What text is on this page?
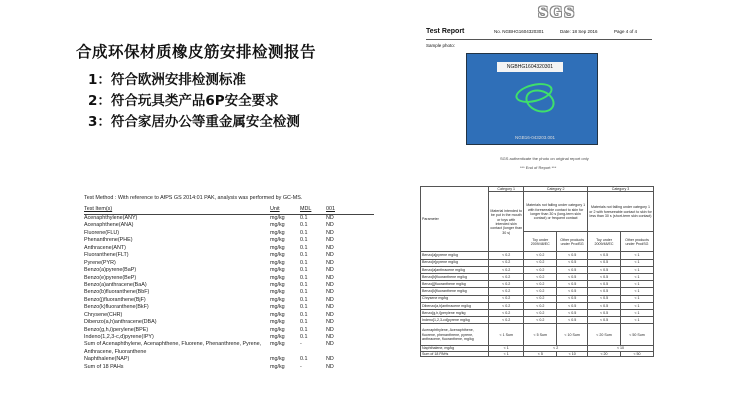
合成环保材质橡皮筋安排检测报告
1：符合欧洲安排检测标准
2：符合玩具类产品6P安全要求
3：符合家居办公等重金属安全检测
SGS
Test Report	No. NGBHG1604320301	Date: 18 Sep 2016	Page 4 of 4
Sample photo:
NGBHG1604320301
NGB16-043203.001
SGS authenticate the photo on original report only
*** End of Report ***
Test Method : With reference to AfPS GS 2014:01 PAK, analysis was performed by GC-MS.
Test Item(s)	Unit	MDL	001
Acenaphthylene(ANY)	mg/kg	0.1	ND
Acenaphthene(ANA)	mg/kg	0.1	ND
Fluorene(FLU)	mg/kg	0.1	ND
Phenanthrene(PHE)	mg/kg	0.1	ND
Anthracene(ANT)	mg/kg	0.1	ND
Fluoranthene(FLT)	mg/kg	0.1	ND
Pyrene(PYR)	mg/kg	0.1	ND
Benzo(a)pyrene(BaP)	mg/kg	0.1	ND
Benzo(e)pyrene(BeP)	mg/kg	0.1	ND
Benzo(a)anthracene(BaA)	mg/kg	0.1	ND
Benzo(b)fluoranthene(BbF)	mg/kg	0.1	ND
Benzo(j)fluoranthene(BjF)	mg/kg	0.1	ND
Benzo(k)fluoranthene(BkF)	mg/kg	0.1	ND
Chrysene(CHR)	mg/kg	0.1	ND
Dibenzo(a,h)anthracene(DBA)	mg/kg	0.1	ND
Benzo(g,h,i)perylene(BPE)	mg/kg	0.1	ND
Indeno(1,2,3-c,d)pyrene(IPY)	mg/kg	0.1	ND
Sum of Acenaphthylene, Acenaphthene, Fluorene, Phenanthrene, Pyrene,	mg/kg	-	ND
Anthracene, Fluoranthene
Naphthalene(NAP)	mg/kg	0.1	ND
Sum of 18 PAHs	mg/kg	-	ND
Parameter	Category 1	Category 2		Category 3	
	Material intended to be put in the mouth or toys with intended skin contact (longer than 30 s)	Materials not falling under category 1 with foreseeable contact to skin for longer than 30 s (long-term skin contact) or frequent contact		Materials not falling under category 1 or 2 with foreseeable contact to skin for less than 30 s (short-term skin contact)	
		Toy under 2009/48/EC	Other products under ProdSG	Toy under 2009/48/EC	Other products under ProdSG
Benzo[a]pyrene mg/kg	< 0.2	< 0.2	< 0.5	< 0.5	< 1
Benzo[e]pyrene mg/kg	< 0.2	< 0.2	< 0.5	< 0.5	< 1
Benzo[a]anthracene mg/kg	< 0.2	< 0.2	< 0.5	< 0.5	< 1
Benzo[b]fluoranthene mg/kg	< 0.2	< 0.2	< 0.5	< 0.5	< 1
Benzo[j]fluoranthene mg/kg	< 0.2	< 0.2	< 0.5	< 0.5	< 1
Benzo[k]fluoranthene mg/kg	< 0.2	< 0.2	< 0.5	< 0.5	< 1
Chrysene mg/kg	< 0.2	< 0.2	< 0.5	< 0.5	< 1
Dibenzo[a,h]anthracene mg/kg	< 0.2	< 0.2	< 0.5	< 0.5	< 1
Benzo[g,h,i]perylene mg/kg	< 0.2	< 0.2	< 0.5	< 0.5	< 1
Indeno[1,2,3-cd]pyrene mg/kg	< 0.2	< 0.2	< 0.5	< 0.5	< 1
Acenaphthylene, Acenaphthene, fluorene, phenanthrene, pyrene, anthracene, fluoranthene, mg/kg	< 1 Sum	< 5 Sum	< 10 Sum	< 20 Sum	< 50 Sum
Naphthalene, mg/kg	< 1	< 2		< 10	
Sum of 18 PAHs	< 1	< 5	< 10	< 20	< 50
